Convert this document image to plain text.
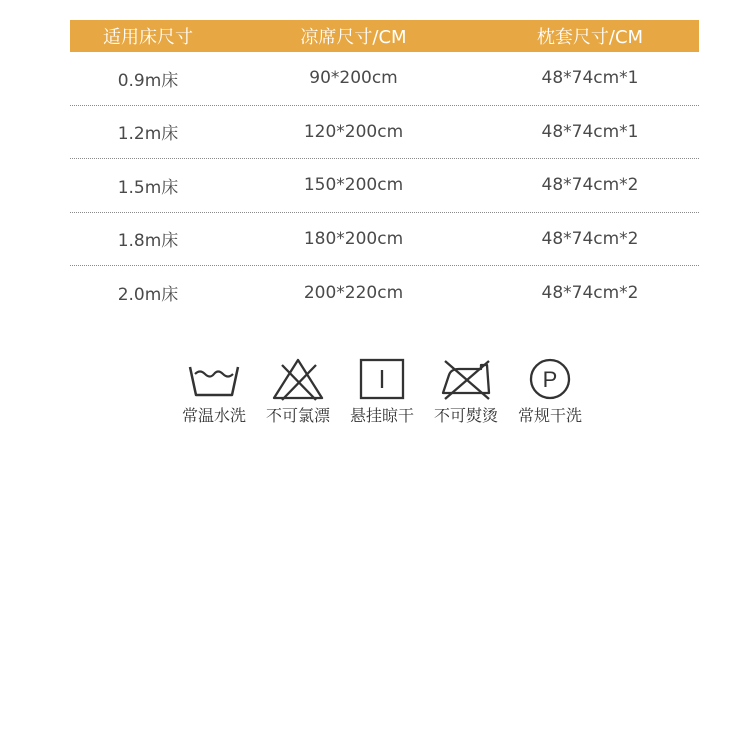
适用床尺寸	凉席尺寸/CM	枕套尺寸/CM
0.9m床	90*200cm	48*74cm*1
1.2m床	120*200cm	48*74cm*1
1.5m床	150*200cm	48*74cm*2
1.8m床	180*200cm	48*74cm*2
2.0m床	200*220cm	48*74cm*2
常温水洗 不可氯漂 悬挂晾干 不可熨烫
P
常规干洗
